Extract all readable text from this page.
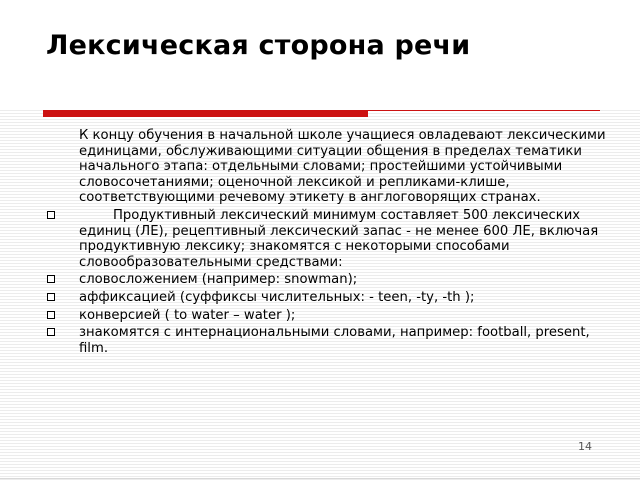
Лексическая сторона речи
К концу обучения в начальной школе учащиеся овладевают лексическими единицами, обслуживающими ситуации общения в пределах тематики начального этапа: отдельными словами; простейшими устойчивыми словосочетаниями; оценочной лексикой и репликами-клише, соответствующими речевому этикету в англоговорящих странах.
Продуктивный лексический минимум составляет 500 лексических единиц (ЛЕ), рецептивный лексический запас - не менее 600 ЛЕ, включая продуктивную лексику; знакомятся с некоторыми способами словообразовательными средствами:
словосложением (например: snowman);
аффиксацией (суффиксы числительных: - teen, -ty, -th );
конверсией ( to water – water );
знакомятся с интернациональными словами, например: football, present, film.
14
